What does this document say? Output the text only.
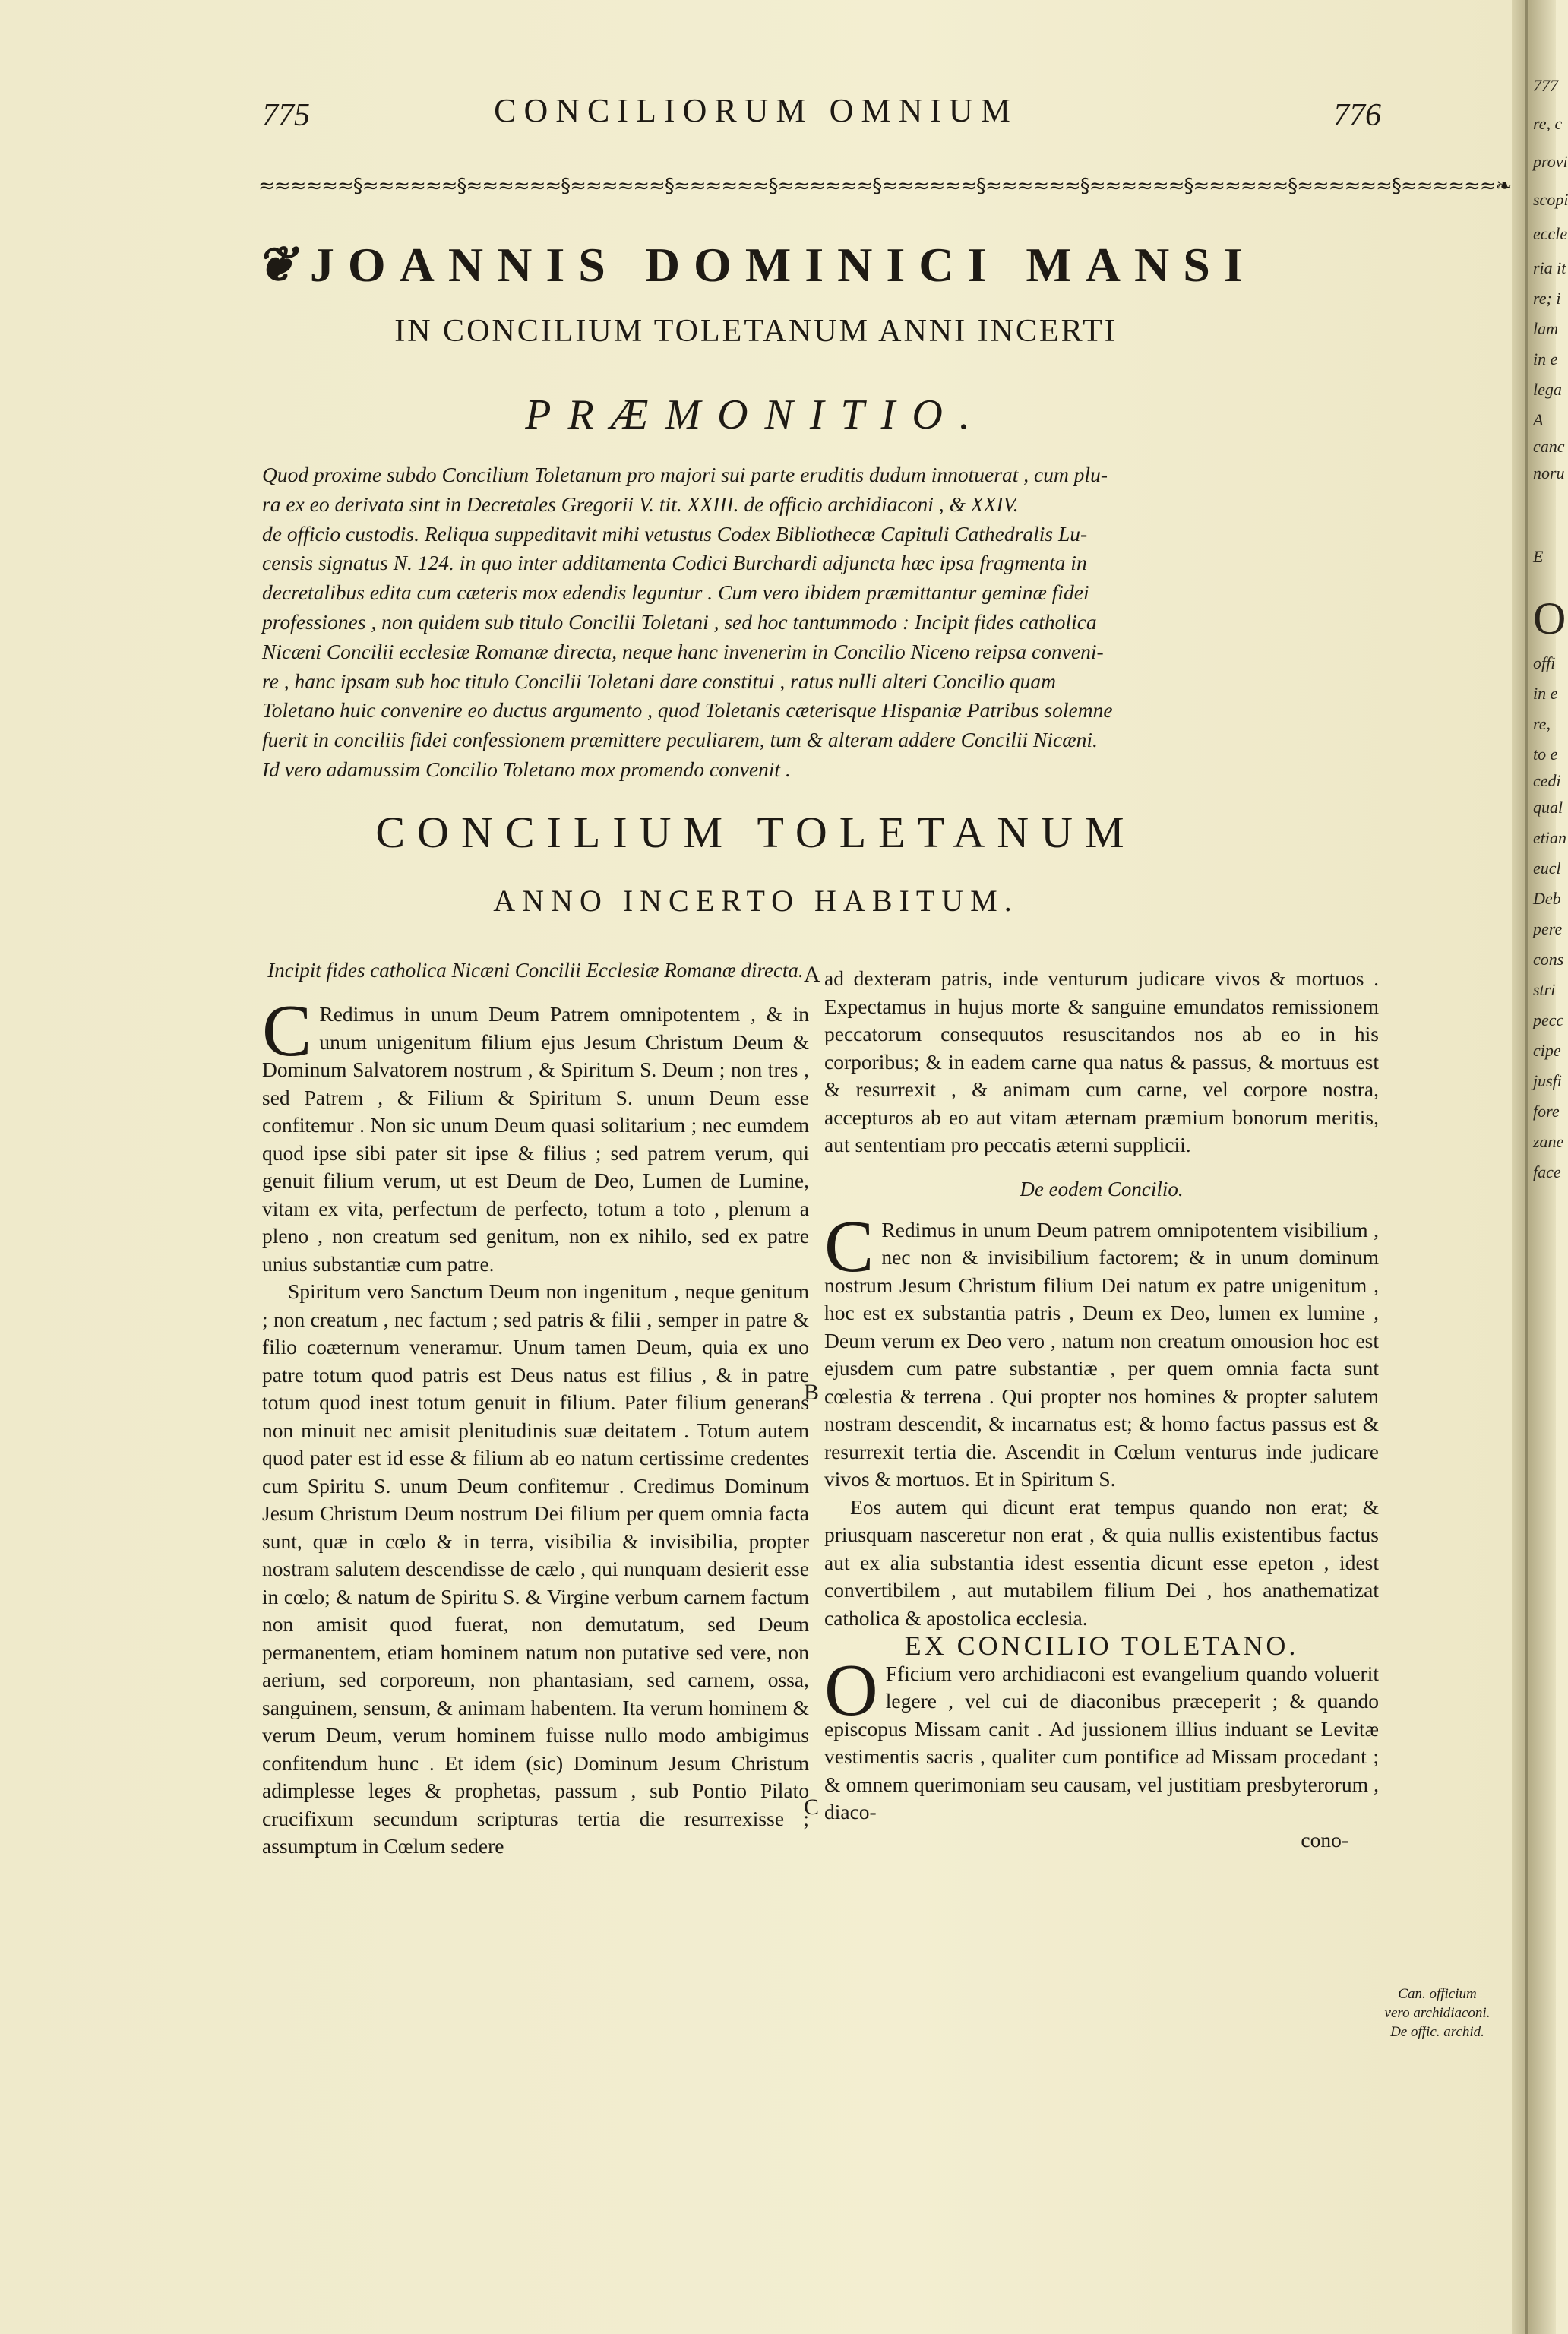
775	CONCILIORUM OMNIUM	776
≈≈≈≈≈≈§≈≈≈≈≈≈§≈≈≈≈≈≈§≈≈≈≈≈≈§≈≈≈≈≈≈§≈≈≈≈≈≈§≈≈≈≈≈≈§≈≈≈≈≈≈§≈≈≈≈≈≈§≈≈≈≈≈≈§≈≈≈≈≈≈§≈≈≈≈≈≈❧
❦ JOANNIS DOMINICI MANSI
IN CONCILIUM TOLETANUM ANNI INCERTI
PRÆMONITIO.
Quod proxime subdo Concilium Toletanum pro majori sui parte eruditis dudum innotuerat , cum plu-
ra ex eo derivata sint in Decretales Gregorii V. tit. XXIII. de officio archidiaconi , & XXIV.
de officio custodis. Reliqua suppeditavit mihi vetustus Codex Bibliothecæ Capituli Cathedralis Lu-
censis signatus N. 124. in quo inter additamenta Codici Burchardi adjuncta hæc ipsa fragmenta in
decretalibus edita cum cæteris mox edendis leguntur . Cum vero ibidem præmittantur geminæ fidei
professiones , non quidem sub titulo Concilii Toletani , sed hoc tantummodo : Incipit fides catholica
Nicæni Concilii ecclesiæ Romanæ directa, neque hanc invenerim in Concilio Niceno reipsa conveni-
re , hanc ipsam sub hoc titulo Concilii Toletani dare constitui , ratus nulli alteri Concilio quam
Toletano huic convenire eo ductus argumento , quod Toletanis cæterisque Hispaniæ Patribus solemne
fuerit in conciliis fidei confessionem præmittere peculiarem, tum & alteram addere Concilii Nicæni.
Id vero adamussim Concilio Toletano mox promendo convenit .
CONCILIUM TOLETANUM
ANNO INCERTO HABITUM.

Incipit fides catholica Nicæni Concilii Ecclesiæ Romanæ directa.

C Redimus in unum Deum Patrem omnipotentem , & in unum unigenitum filium ejus Jesum Christum Deum & Dominum Salvatorem nostrum , & Spiritum S. Deum ; non tres , sed Patrem , & Filium & Spiritum S. unum Deum esse confitemur . Non sic unum Deum quasi solitarium ; nec eumdem quod ipse sibi pater sit ipse & filius ; sed patrem verum, qui genuit filium verum, ut est Deum de Deo, Lumen de Lumine, vitam ex vita, perfectum de perfecto, totum a toto , plenum a pleno , non creatum sed genitum, non ex nihilo, sed ex patre unius substantiæ cum patre.

Spiritum vero Sanctum Deum non ingenitum , neque genitum ; non creatum , nec factum ; sed patris & filii , semper in patre & filio coæternum veneramur. Unum tamen Deum, quia ex uno patre totum quod patris est Deus natus est filius , & in patre totum quod inest totum genuit in filium. Pater filium generans non minuit nec amisit plenitudinis suæ deitatem . Totum autem quod pater est id esse & filium ab eo natum certissime credentes cum Spiritu S. unum Deum confitemur . Credimus Dominum Jesum Christum Deum nostrum Dei filium per quem omnia facta sunt, quæ in cœlo & in terra, visibilia & invisibilia, propter nostram salutem descendisse de cælo , qui nunquam desierit esse in cœlo; & natum de Spiritu S. & Virgine verbum carnem factum non amisit quod fuerat, non demutatum, sed Deum permanentem, etiam hominem natum non putative sed vere, non aerium, sed corporeum, non phantasiam, sed carnem, ossa, sanguinem, sensum, & animam habentem. Ita verum hominem & verum Deum, verum hominem fuisse nullo modo ambigimus confitendum hunc . Et idem (sic) Dominum Jesum Christum adimplesse leges & prophetas, passum , sub Pontio Pilato crucifixum secundum scripturas tertia die resurrexisse ; assumptum in Cœlum sedere

ad dexteram patris, inde venturum judicare vivos & mortuos . Expectamus in hujus morte & sanguine emundatos remissionem peccatorum consequutos resuscitandos nos ab eo in his corporibus; & in eadem carne qua natus & passus, & mortuus est & resurrexit , & animam cum carne, vel corpore nostra, accepturos ab eo aut vitam æternam præmium bonorum meritis, aut sententiam pro peccatis æterni supplicii.

De eodem Concilio.

C Redimus in unum Deum patrem omnipotentem visibilium , nec non & invisibilium factorem; & in unum dominum nostrum Jesum Christum filium Dei natum ex patre unigenitum , hoc est ex substantia patris , Deum ex Deo, lumen ex lumine , Deum verum ex Deo vero , natum non creatum omousion hoc est ejusdem cum patre substantiæ , per quem omnia facta sunt cœlestia & terrena . Qui propter nos homines & propter salutem nostram descendit, & incarnatus est; & homo factus passus est & resurrexit tertia die. Ascendit in Cœlum venturus inde judicare vivos & mortuos. Et in Spiritum S.

Eos autem qui dicunt erat tempus quando non erat; & priusquam nasceretur non erat , & quia nullis existentibus factus aut ex alia substantia idest essentia dicunt esse epeton , idest convertibilem , aut mutabilem filium Dei , hos anathematizat catholica & apostolica ecclesia.

EX CONCILIO TOLETANO.

O Fficium vero archidiaconi est evangelium quando voluerit legere , vel cui de diaconibus præceperit ; & quando episcopus Missam canit . Ad jussionem illius induant se Levitæ vestimentis sacris , qualiter cum pontifice ad Missam procedant ; & omnem querimoniam seu causam, vel justitiam presbyterorum , diaco-

cono-

A
B
C
Can. officium vero archidiaconi. De offic. archid.
777
re, c
provi
scopi
eccle
ria it
re; i
lam
in e
lega
A
canc
noru
E
O
offi
in e
re,
to e
cedi
qual
etian
eucl
Deb
pere
cons
stri
pecc
cipe
jusfi
fore
zane
face
